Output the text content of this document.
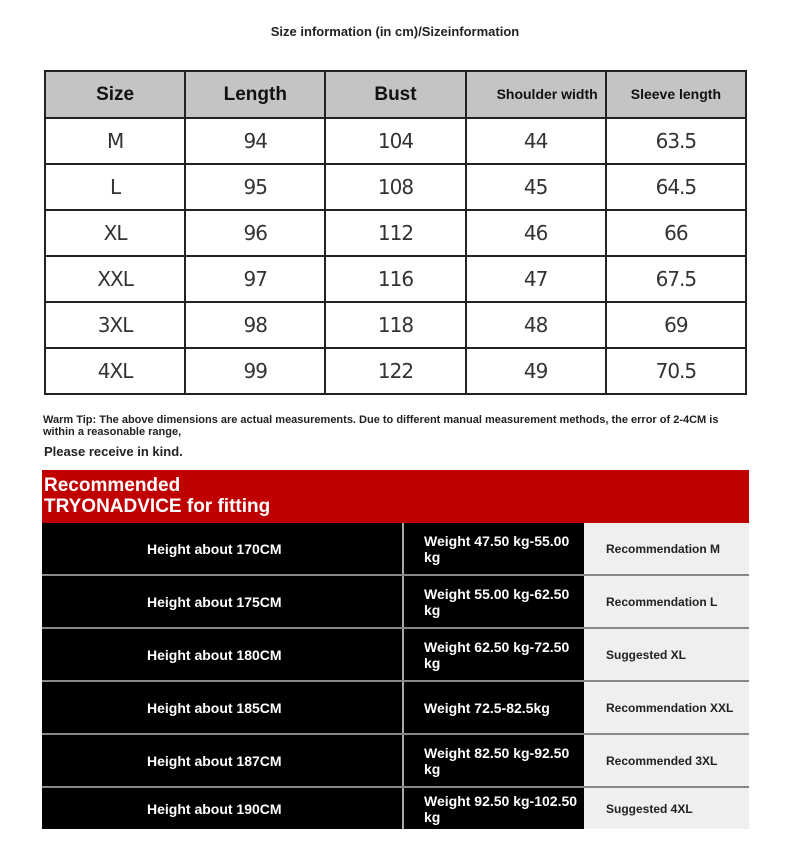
Size information (in cm)/Sizeinformation
Size	Length	Bust	Shoulder width	Sleeve length
M	94	104	44	63.5
L	95	108	45	64.5
XL	96	112	46	66
XXL	97	116	47	67.5
3XL	98	118	48	69
4XL	99	122	49	70.5
Warm Tip: The above dimensions are actual measurements. Due to different manual measurement methods, the error of 2-4CM is within a reasonable range,
Please receive in kind.
Recommended
TRYONADVICE for fitting
Height about 170CM	Weight 47.50 kg-55.00 kg	Recommendation M
Height about 175CM	Weight 55.00 kg-62.50 kg	Recommendation L
Height about 180CM	Weight 62.50 kg-72.50 kg	Suggested XL
Height about 185CM	Weight 72.5-82.5kg	Recommendation XXL
Height about 187CM	Weight 82.50 kg-92.50 kg	Recommended 3XL
Height about 190CM	Weight 92.50 kg-102.50 kg	Suggested 4XL
